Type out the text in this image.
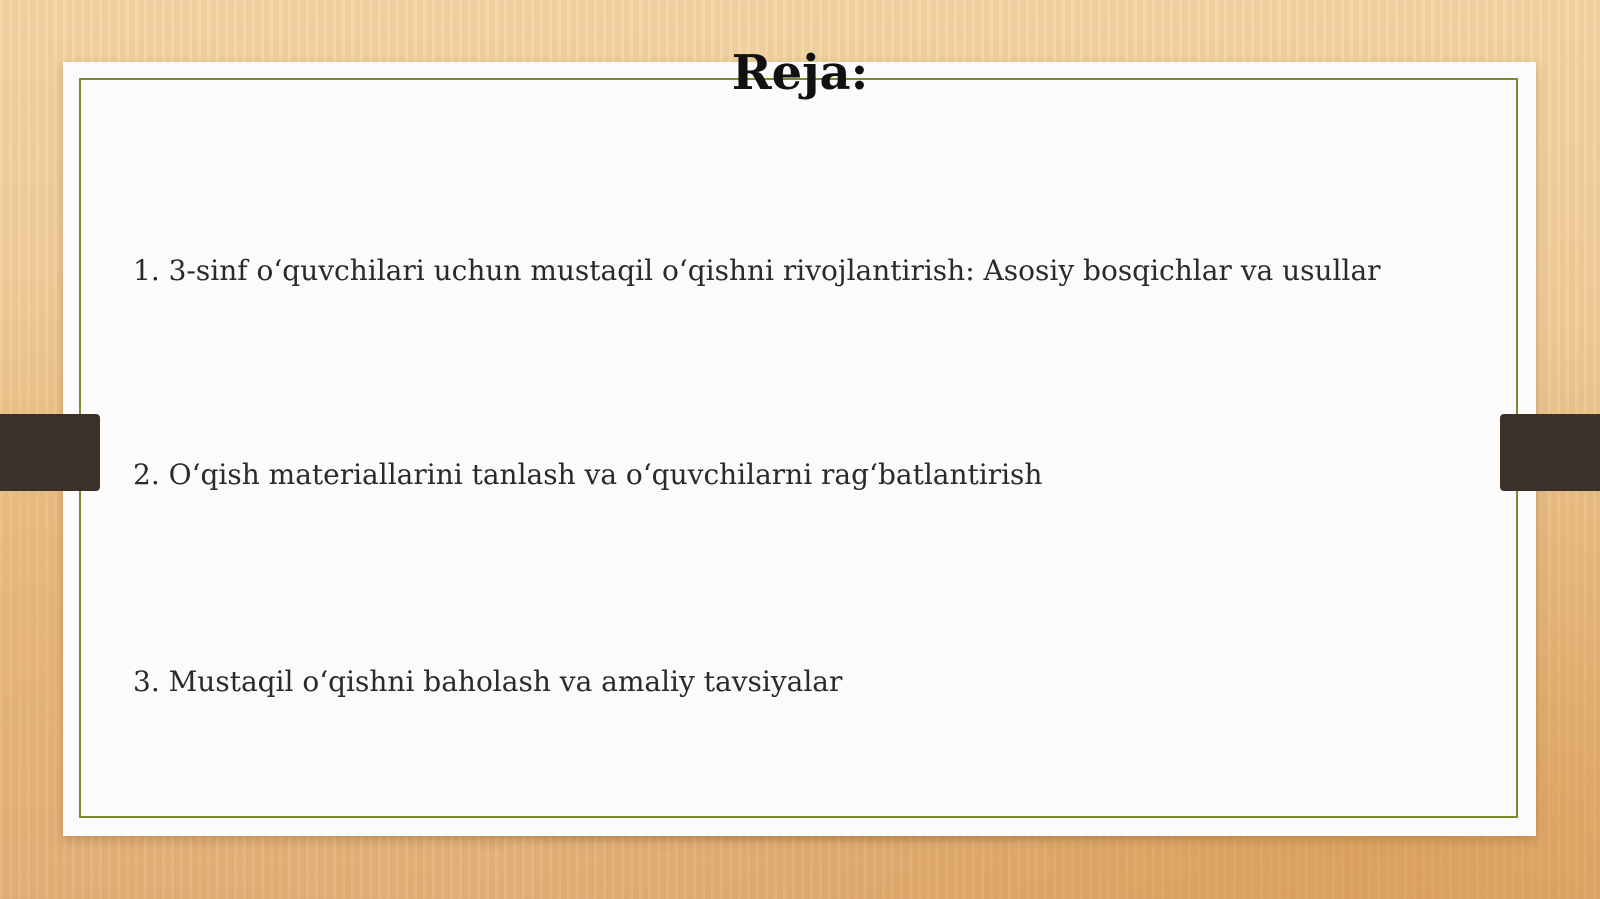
Reja:

1. 3-sinf o‘quvchilari uchun mustaqil o‘qishni rivojlantirish: Asosiy bosqichlar va usullar

2. O‘qish materiallarini tanlash va o‘quvchilarni rag‘batlantirish

3. Mustaqil o‘qishni baholash va amaliy tavsiyalar
